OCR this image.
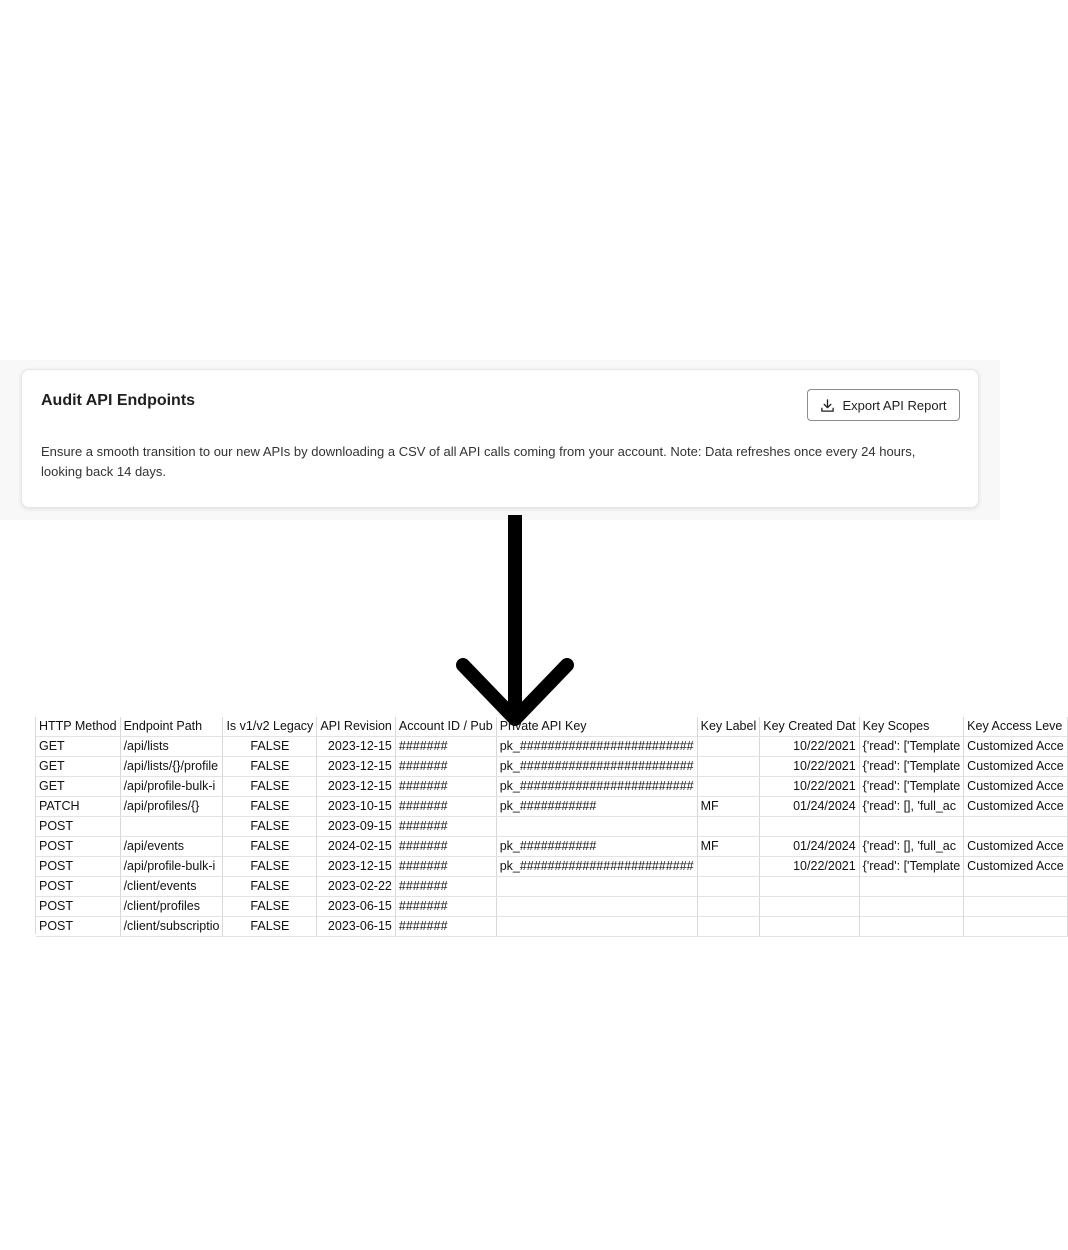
Audit API Endpoints	Export API Report
Ensure a smooth transition to our new APIs by downloading a CSV of all API calls coming from your account. Note: Data refreshes once every 24 hours, looking back 14 days.
HTTP Method	Endpoint Path	Is v1/v2 Legacy	API Revision	Account ID / Pub	Private API Key	Key Label	Key Created Dat	Key Scopes	Key Access Leve
GET	/api/lists	FALSE	2023-12-15	#######	pk_#########################		10/22/2021	{'read': ['Template	Customized Acce
GET	/api/lists/{}/profile	FALSE	2023-12-15	#######	pk_#########################		10/22/2021	{'read': ['Template	Customized Acce
GET	/api/profile-bulk-i	FALSE	2023-12-15	#######	pk_#########################		10/22/2021	{'read': ['Template	Customized Acce
PATCH	/api/profiles/{}	FALSE	2023-10-15	#######	pk_###########	MF	01/24/2024	{'read': [], 'full_ac	Customized Acce
POST		FALSE	2023-09-15	#######					
POST	/api/events	FALSE	2024-02-15	#######	pk_###########	MF	01/24/2024	{'read': [], 'full_ac	Customized Acce
POST	/api/profile-bulk-i	FALSE	2023-12-15	#######	pk_#########################		10/22/2021	{'read': ['Template	Customized Acce
POST	/client/events	FALSE	2023-02-22	#######					
POST	/client/profiles	FALSE	2023-06-15	#######					
POST	/client/subscriptio	FALSE	2023-06-15	#######					
